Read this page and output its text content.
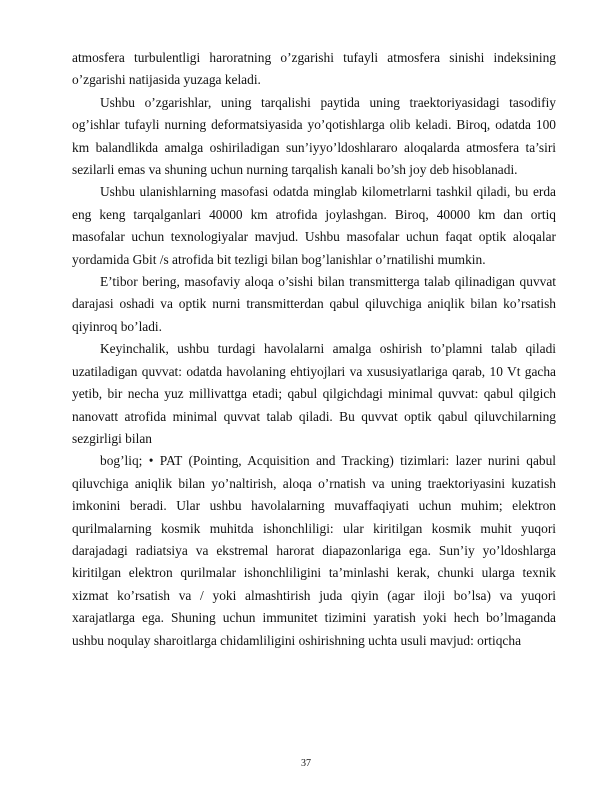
atmosfera turbulentligi haroratning o’zgarishi tufayli atmosfera sinishi indeksining o’zgarishi natijasida yuzaga keladi.

Ushbu o’zgarishlar, uning tarqalishi paytida uning traektoriyasidagi tasodifiy og’ishlar tufayli nurning deformatsiyasida yo’qotishlarga olib keladi. Biroq, odatda 100 km balandlikda amalga oshiriladigan sun’iyyo’ldoshlararo aloqalarda atmosfera ta’siri sezilarli emas va shuning uchun nurning tarqalish kanali bo’sh joy deb hisoblanadi.

Ushbu ulanishlarning masofasi odatda minglab kilometrlarni tashkil qiladi, bu erda eng keng tarqalganlari 40000 km atrofida joylashgan. Biroq, 40000 km dan ortiq masofalar uchun texnologiyalar mavjud. Ushbu masofalar uchun faqat optik aloqalar yordamida Gbit /s atrofida bit tezligi bilan bog’lanishlar o’rnatilishi mumkin.

E’tibor bering, masofaviy aloqa o’sishi bilan transmitterga talab qilinadigan quvvat darajasi oshadi va optik nurni transmitterdan qabul qiluvchiga aniqlik bilan ko’rsatish qiyinroq bo’ladi.

Keyinchalik, ushbu turdagi havolalarni amalga oshirish to’plamni talab qiladi uzatiladigan quvvat: odatda havolaning ehtiyojlari va xususiyatlariga qarab, 10 Vt gacha yetib, bir necha yuz millivattga etadi; qabul qilgichdagi minimal quvvat: qabul qilgich nanovatt atrofida minimal quvvat talab qiladi. Bu quvvat optik qabul qiluvchilarning sezgirligi bilan

bog’liq; • PAT (Pointing, Acquisition and Tracking) tizimlari: lazer nurini qabul qiluvchiga aniqlik bilan yo’naltirish, aloqa o’rnatish va uning traektoriyasini kuzatish imkonini beradi. Ular ushbu havolalarning muvaffaqiyati uchun muhim; elektron qurilmalarning kosmik muhitda ishonchliligi: ular kiritilgan kosmik muhit yuqori darajadagi radiatsiya va ekstremal harorat diapazonlariga ega. Sun’iy yo’ldoshlarga kiritilgan elektron qurilmalar ishonchliligini ta’minlashi kerak, chunki ularga texnik xizmat ko’rsatish va / yoki almashtirish juda qiyin (agar iloji bo’lsa) va yuqori xarajatlarga ega. Shuning uchun immunitet tizimini yaratish yoki hech bo’lmaganda ushbu noqulay sharoitlarga chidamliligini oshirishning uchta usuli mavjud: ortiqcha

37
